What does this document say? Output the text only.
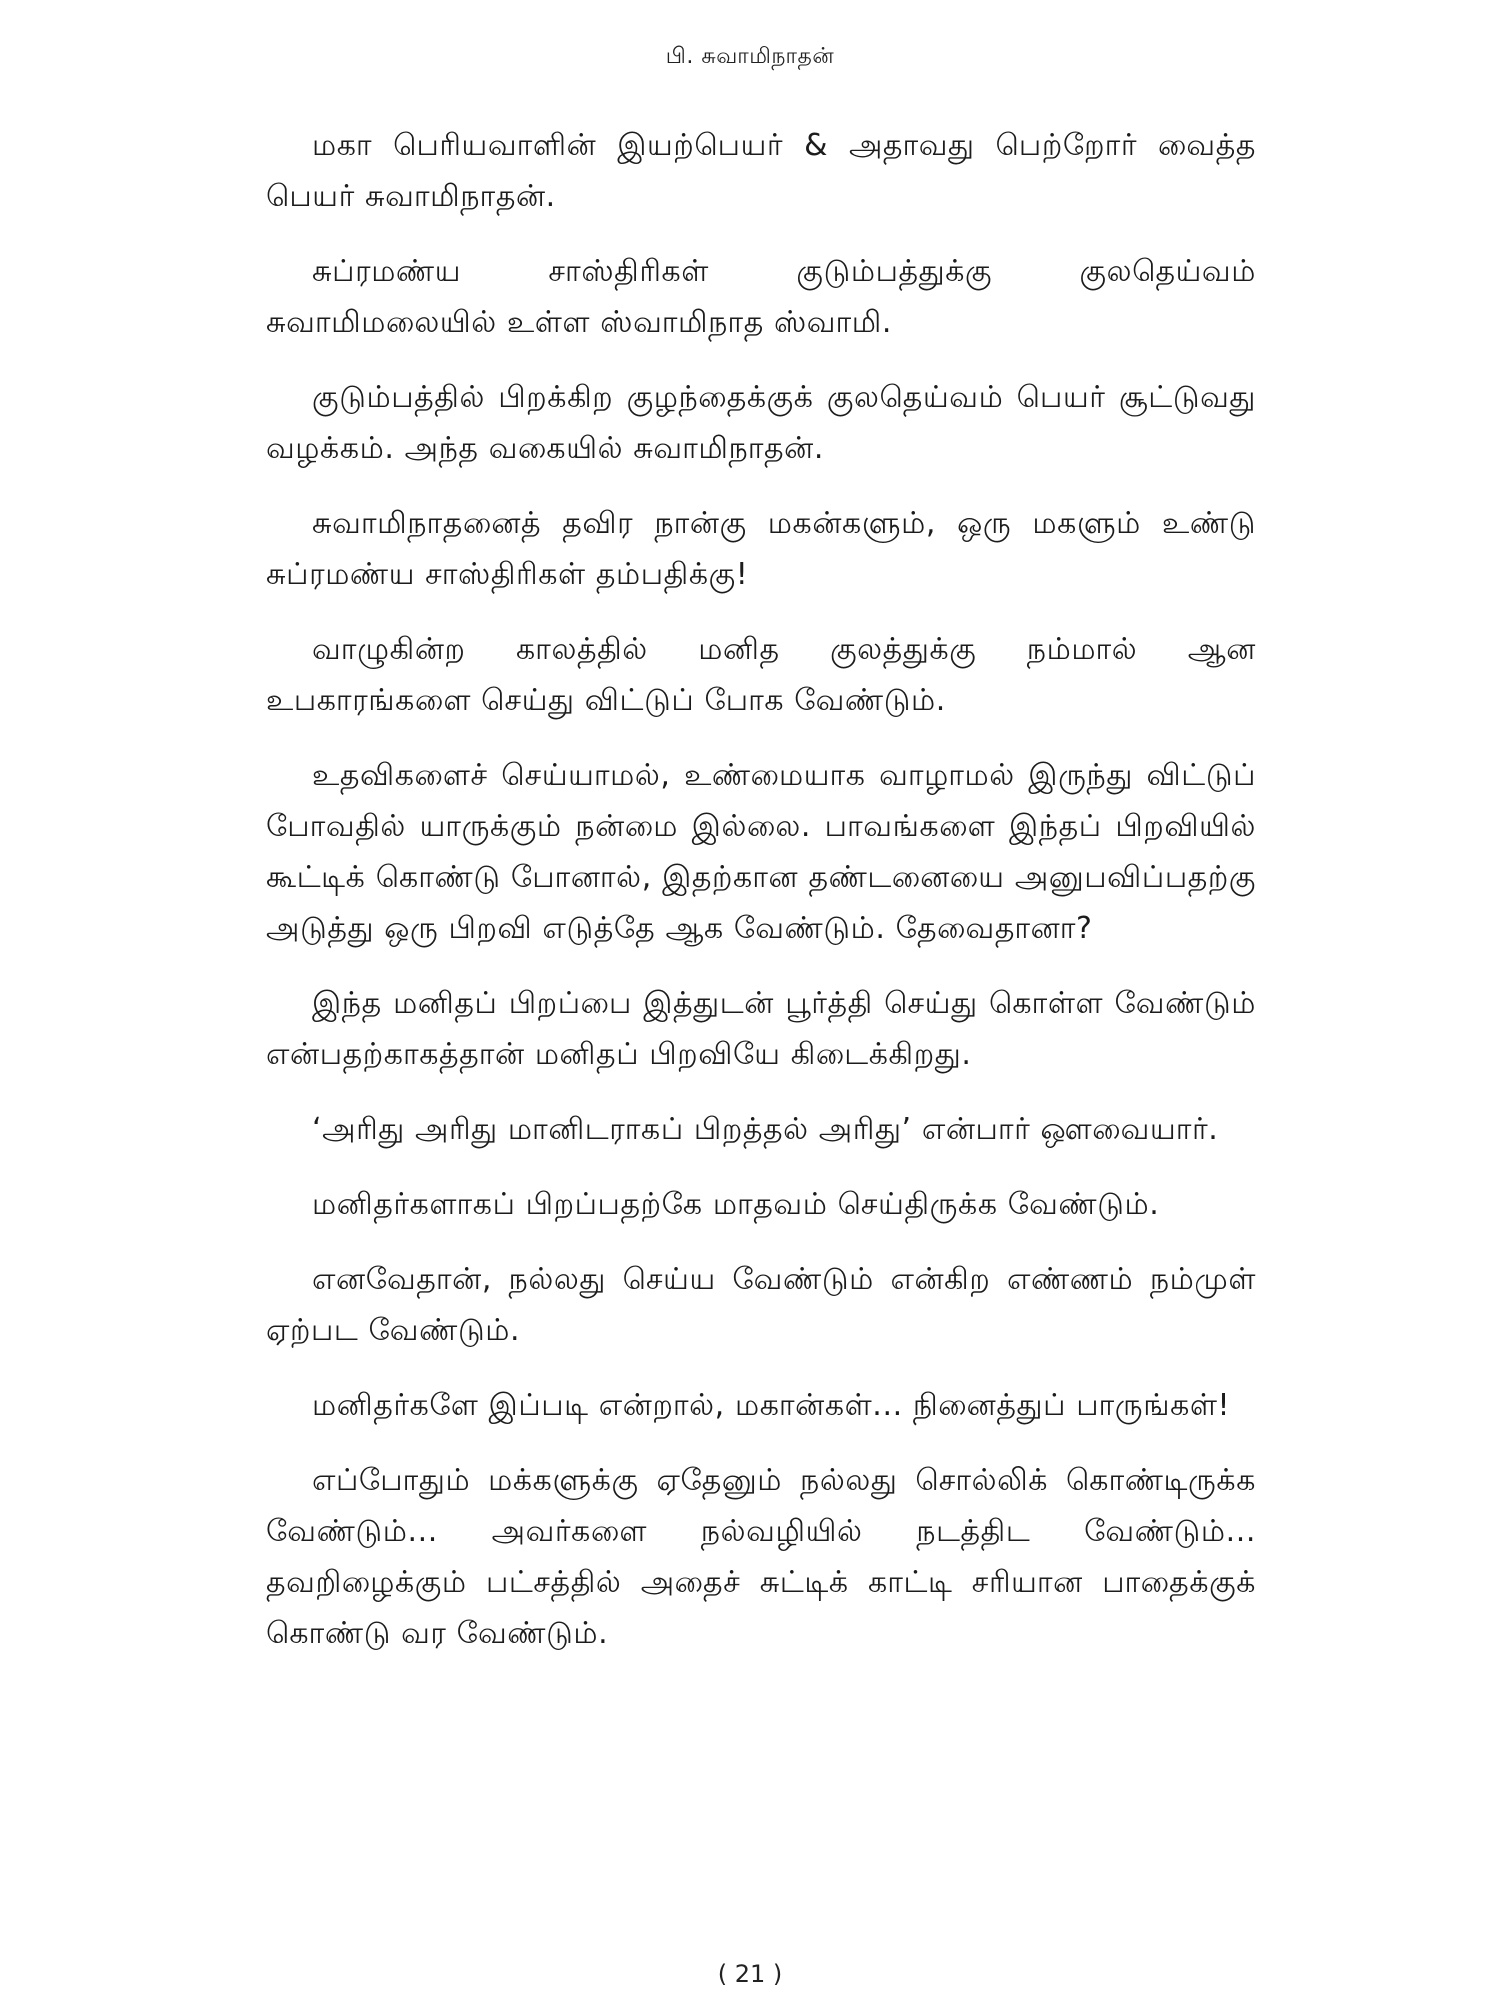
பி. சுவாமிநாதன்

மகா பெரியவாளின் இயற்பெயர் & அதாவது பெற்றோர் வைத்த பெயர் சுவாமிநாதன்.

சுப்ரமண்ய சாஸ்திரிகள் குடும்பத்துக்கு குலதெய்வம் சுவாமிமலையில் உள்ள ஸ்வாமிநாத ஸ்வாமி.

குடும்பத்தில் பிறக்கிற குழந்தைக்குக் குலதெய்வம் பெயர் சூட்டுவது வழக்கம். அந்த வகையில் சுவாமிநாதன்.

சுவாமிநாதனைத் தவிர நான்கு மகன்களும், ஒரு மகளும் உண்டு சுப்ரமண்ய சாஸ்திரிகள் தம்பதிக்கு!

வாழுகின்ற காலத்தில் மனித குலத்துக்கு நம்மால் ஆன உபகாரங்களை செய்து விட்டுப் போக வேண்டும்.

உதவிகளைச் செய்யாமல், உண்மையாக வாழாமல் இருந்து விட்டுப் போவதில் யாருக்கும் நன்மை இல்லை. பாவங்களை இந்தப் பிறவியில் கூட்டிக் கொண்டு போனால், இதற்கான தண்டனையை அனுபவிப்பதற்கு அடுத்து ஒரு பிறவி எடுத்தே ஆக வேண்டும். தேவைதானா?

இந்த மனிதப் பிறப்பை இத்துடன் பூர்த்தி செய்து கொள்ள வேண்டும் என்பதற்காகத்தான் மனிதப் பிறவியே கிடைக்கிறது.

‘அரிது அரிது மானிடராகப் பிறத்தல் அரிது’ என்பார் ஔவையார்.

மனிதர்களாகப் பிறப்பதற்கே மாதவம் செய்திருக்க வேண்டும்.

எனவேதான், நல்லது செய்ய வேண்டும் என்கிற எண்ணம் நம்முள் ஏற்பட வேண்டும்.

மனிதர்களே இப்படி என்றால், மகான்கள்... நினைத்துப் பாருங்கள்!

எப்போதும் மக்களுக்கு ஏதேனும் நல்லது சொல்லிக் கொண்டிருக்க வேண்டும்... அவர்களை நல்வழியில் நடத்திட வேண்டும்... தவறிழைக்கும் பட்சத்தில் அதைச் சுட்டிக் காட்டி சரியான பாதைக்குக் கொண்டு வர வேண்டும்.

( 21 )
